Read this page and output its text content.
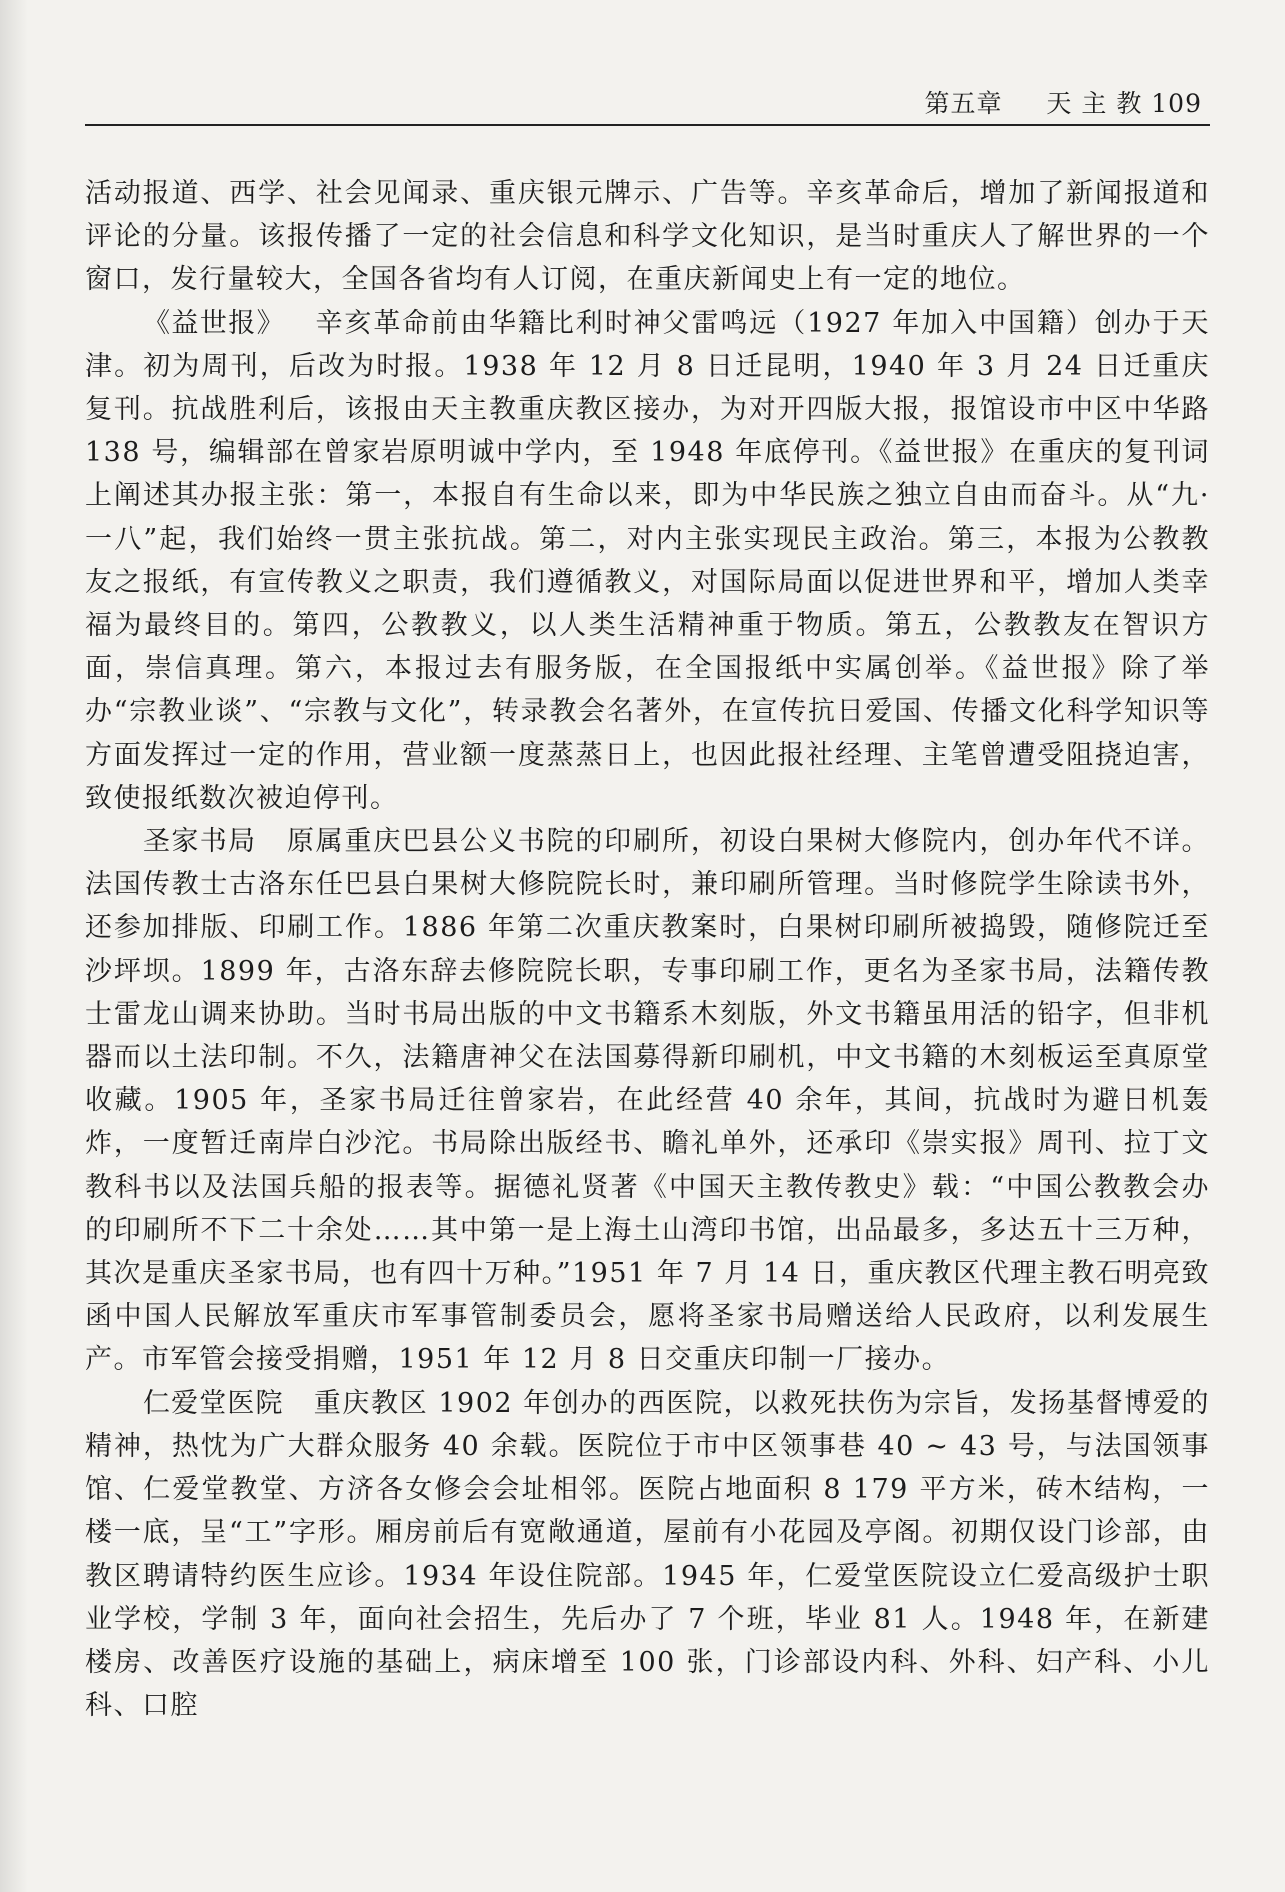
第五章   天 主 教 109

活动报道、西学、社会见闻录、重庆银元牌示、广告等。辛亥革命后，增加了新闻报道和评论的分量。该报传播了一定的社会信息和科学文化知识，是当时重庆人了解世界的一个窗口，发行量较大，全国各省均有人订阅，在重庆新闻史上有一定的地位。

《益世报》   辛亥革命前由华籍比利时神父雷鸣远（1927 年加入中国籍）创办于天津。初为周刊，后改为时报。1938 年 12 月 8 日迁昆明，1940 年 3 月 24 日迁重庆复刊。抗战胜利后，该报由天主教重庆教区接办，为对开四版大报，报馆设市中区中华路 138 号，编辑部在曾家岩原明诚中学内，至 1948 年底停刊。《益世报》在重庆的复刊词上阐述其办报主张：第一，本报自有生命以来，即为中华民族之独立自由而奋斗。从“九·一八”起，我们始终一贯主张抗战。第二，对内主张实现民主政治。第三，本报为公教教友之报纸，有宣传教义之职责，我们遵循教义，对国际局面以促进世界和平，增加人类幸福为最终目的。第四，公教教义，以人类生活精神重于物质。第五，公教教友在智识方面，崇信真理。第六，本报过去有服务版，在全国报纸中实属创举。《益世报》除了举办“宗教业谈”、“宗教与文化”，转录教会名著外，在宣传抗日爱国、传播文化科学知识等方面发挥过一定的作用，营业额一度蒸蒸日上，也因此报社经理、主笔曾遭受阻挠迫害，致使报纸数次被迫停刊。

圣家书局   原属重庆巴县公义书院的印刷所，初设白果树大修院内，创办年代不详。法国传教士古洛东任巴县白果树大修院院长时，兼印刷所管理。当时修院学生除读书外，还参加排版、印刷工作。1886 年第二次重庆教案时，白果树印刷所被捣毁，随修院迁至沙坪坝。1899 年，古洛东辞去修院院长职，专事印刷工作，更名为圣家书局，法籍传教士雷龙山调来协助。当时书局出版的中文书籍系木刻版，外文书籍虽用活的铅字，但非机器而以土法印制。不久，法籍唐神父在法国募得新印刷机，中文书籍的木刻板运至真原堂收藏。1905 年，圣家书局迁往曾家岩，在此经营 40 余年，其间，抗战时为避日机轰炸，一度暂迁南岸白沙沱。书局除出版经书、瞻礼单外，还承印《崇实报》周刊、拉丁文教科书以及法国兵船的报表等。据德礼贤著《中国天主教传教史》载：“中国公教教会办的印刷所不下二十余处……其中第一是上海土山湾印书馆，出品最多，多达五十三万种，其次是重庆圣家书局，也有四十万种。”1951 年 7 月 14 日，重庆教区代理主教石明亮致函中国人民解放军重庆市军事管制委员会，愿将圣家书局赠送给人民政府，以利发展生产。市军管会接受捐赠，1951 年 12 月 8 日交重庆印制一厂接办。

仁爱堂医院   重庆教区 1902 年创办的西医院，以救死扶伤为宗旨，发扬基督博爱的精神，热忱为广大群众服务 40 余载。医院位于市中区领事巷 40 ~ 43 号，与法国领事馆、仁爱堂教堂、方济各女修会会址相邻。医院占地面积 8 179 平方米，砖木结构，一楼一底，呈“工”字形。厢房前后有宽敞通道，屋前有小花园及亭阁。初期仅设门诊部，由教区聘请特约医生应诊。1934 年设住院部。1945 年，仁爱堂医院设立仁爱高级护士职业学校，学制 3 年，面向社会招生，先后办了 7 个班，毕业 81 人。1948 年，在新建楼房、改善医疗设施的基础上，病床增至 100 张，门诊部设内科、外科、妇产科、小儿科、口腔
